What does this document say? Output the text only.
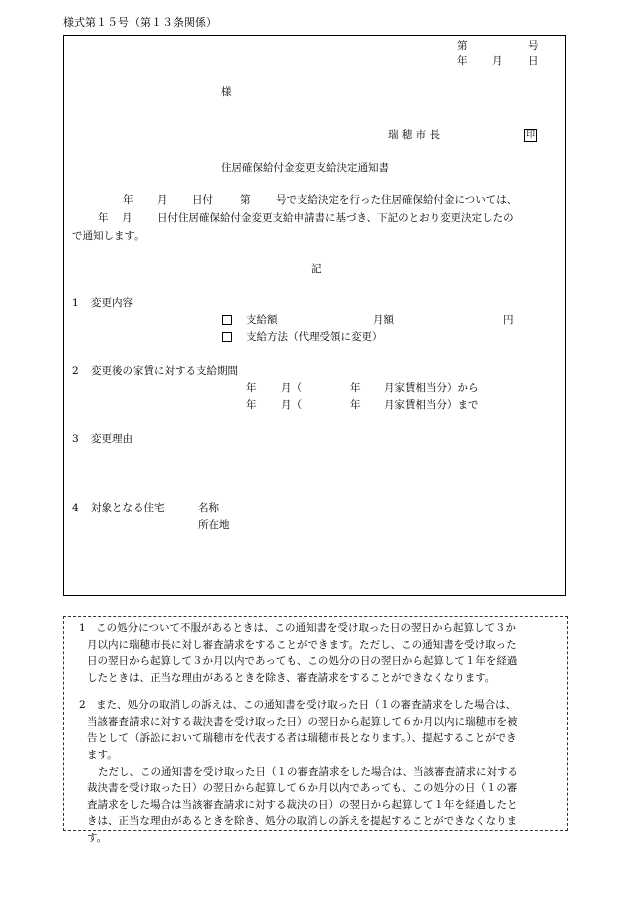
様式第１５号（第１３条関係）
第	号
年 月 日
様
瑞 穂 市 長	印
住居確保給付金変更支給決定通知書
年 月 日付	第 号で支給決定を行った住居確保給付金については、
年 月 日付住居確保給付金変更支給申請書に基づき、下記のとおり変更決定したの
で通知します。
記
1 変更内容
支給額	月額	円
支給方法（代理受領に変更）
2 変更後の家賃に対する支給期間
年 月（	年 月家賃相当分）から
年 月（	年 月家賃相当分）まで
3 変更理由
4 対象となる住宅	名称
所在地
1　この処分について不服があるときは、この通知書を受け取った日の翌日から起算して３か
月以内に瑞穂市長に対し審査請求をすることができます。ただし、この通知書を受け取った
日の翌日から起算して３か月以内であっても、この処分の日の翌日から起算して１年を経過
したときは、正当な理由があるときを除き、審査請求をすることができなくなります。
2　また、処分の取消しの訴えは、この通知書を受け取った日（１の審査請求をした場合は、
当該審査請求に対する裁決書を受け取った日）の翌日から起算して６か月以内に瑞穂市を被
告として（訴訟において瑞穂市を代表する者は瑞穂市長となります。）、提起することができ
ます。
ただし、この通知書を受け取った日（１の審査請求をした場合は、当該審査請求に対する
裁決書を受け取った日）の翌日から起算して６か月以内であっても、この処分の日（１の審
査請求をした場合は当該審査請求に対する裁決の日）の翌日から起算して１年を経過したと
きは、正当な理由があるときを除き、処分の取消しの訴えを提起することができなくなりま
す。
